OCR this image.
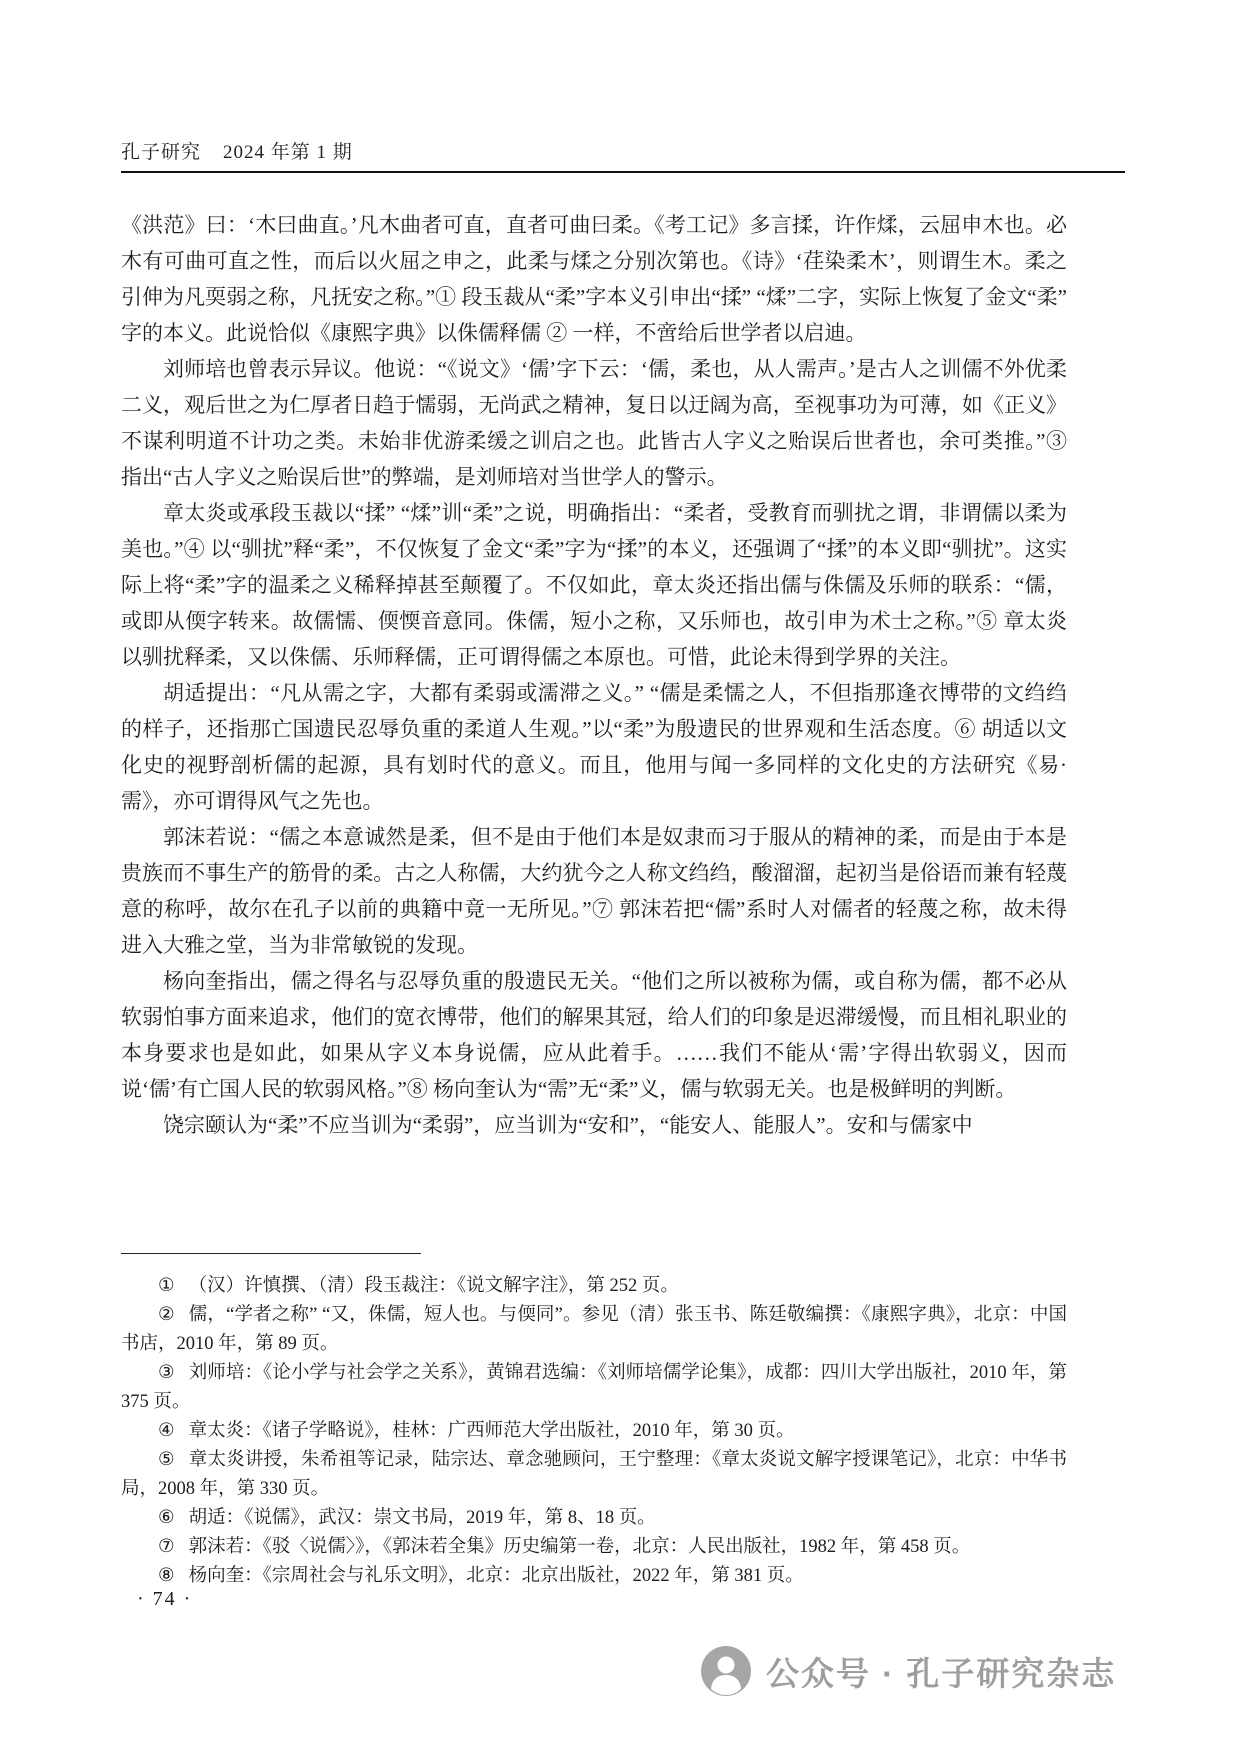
孔子研究 2024 年第 1 期

《洪范》曰：‘木曰曲直。’凡木曲者可直，直者可曲曰柔。《考工记》多言揉，许作煣，云屈申木也。必木有可曲可直之性，而后以火屈之申之，此柔与煣之分别次第也。《诗》‘荏染柔木’，则谓生木。柔之引伸为凡耎弱之称，凡抚安之称。”① 段玉裁从“柔”字本义引申出“揉” “煣”二字，实际上恢复了金文“柔”字的本义。此说恰似《康熙字典》以侏儒释儒 ② 一样，不啻给后世学者以启迪。

刘师培也曾表示异议。他说：“《说文》‘儒’字下云：‘儒，柔也，从人需声。’是古人之训儒不外优柔二义，观后世之为仁厚者日趋于懦弱，无尚武之精神，复日以迂阔为高，至视事功为可薄，如《正义》不谋利明道不计功之类。未始非优游柔缓之训启之也。此皆古人字义之贻误后世者也，余可类推。”③ 指出“古人字义之贻误后世”的弊端，是刘师培对当世学人的警示。

章太炎或承段玉裁以“揉” “煣”训“柔”之说，明确指出：“柔者，受教育而驯扰之谓，非谓儒以柔为美也。”④ 以“驯扰”释“柔”，不仅恢复了金文“柔”字为“揉”的本义，还强调了“揉”的本义即“驯扰”。这实际上将“柔”字的温柔之义稀释掉甚至颠覆了。不仅如此，章太炎还指出儒与侏儒及乐师的联系：“儒，或即从偄字转来。故儒懦、偄愞音意同。侏儒，短小之称，又乐师也，故引申为术士之称。”⑤ 章太炎以驯扰释柔，又以侏儒、乐师释儒，正可谓得儒之本原也。可惜，此论未得到学界的关注。

胡适提出：“凡从需之字，大都有柔弱或濡滞之义。” “儒是柔懦之人，不但指那逢衣博带的文绉绉的样子，还指那亡国遗民忍辱负重的柔道人生观。”以“柔”为殷遗民的世界观和生活态度。⑥ 胡适以文化史的视野剖析儒的起源，具有划时代的意义。而且，他用与闻一多同样的文化史的方法研究《易·需》，亦可谓得风气之先也。

郭沫若说：“儒之本意诚然是柔，但不是由于他们本是奴隶而习于服从的精神的柔，而是由于本是贵族而不事生产的筋骨的柔。古之人称儒，大约犹今之人称文绉绉，酸溜溜，起初当是俗语而兼有轻蔑意的称呼，故尔在孔子以前的典籍中竟一无所见。”⑦ 郭沫若把“儒”系时人对儒者的轻蔑之称，故未得进入大雅之堂，当为非常敏锐的发现。

杨向奎指出，儒之得名与忍辱负重的殷遗民无关。“他们之所以被称为儒，或自称为儒，都不必从软弱怕事方面来追求，他们的宽衣博带，他们的解果其冠，给人们的印象是迟滞缓慢，而且相礼职业的本身要求也是如此，如果从字义本身说儒，应从此着手。……我们不能从‘需’字得出软弱义，因而说‘儒’有亡国人民的软弱风格。”⑧ 杨向奎认为“需”无“柔”义，儒与软弱无关。也是极鲜明的判断。

饶宗颐认为“柔”不应当训为“柔弱”，应当训为“安和”，“能安人、能服人”。安和与儒家中

① （汉）许慎撰、（清）段玉裁注：《说文解字注》，第 252 页。

② 儒，“学者之称” “又，侏儒，短人也。与偄同”。参见（清）张玉书、陈廷敬编撰：《康熙字典》，北京：中国书店，2010 年，第 89 页。

③ 刘师培：《论小学与社会学之关系》，黄锦君选编：《刘师培儒学论集》，成都：四川大学出版社，2010 年，第 375 页。

④ 章太炎：《诸子学略说》，桂林：广西师范大学出版社，2010 年，第 30 页。

⑤ 章太炎讲授，朱希祖等记录，陆宗达、章念驰顾问，王宁整理：《章太炎说文解字授课笔记》，北京：中华书局，2008 年，第 330 页。

⑥ 胡适：《说儒》，武汉：崇文书局，2019 年，第 8、18 页。

⑦ 郭沫若：《驳〈说儒〉》，《郭沫若全集》历史编第一卷，北京：人民出版社，1982 年，第 458 页。

⑧ 杨向奎：《宗周社会与礼乐文明》，北京：北京出版社，2022 年，第 381 页。

· 74 ·
公众号 · 孔子研究杂志
